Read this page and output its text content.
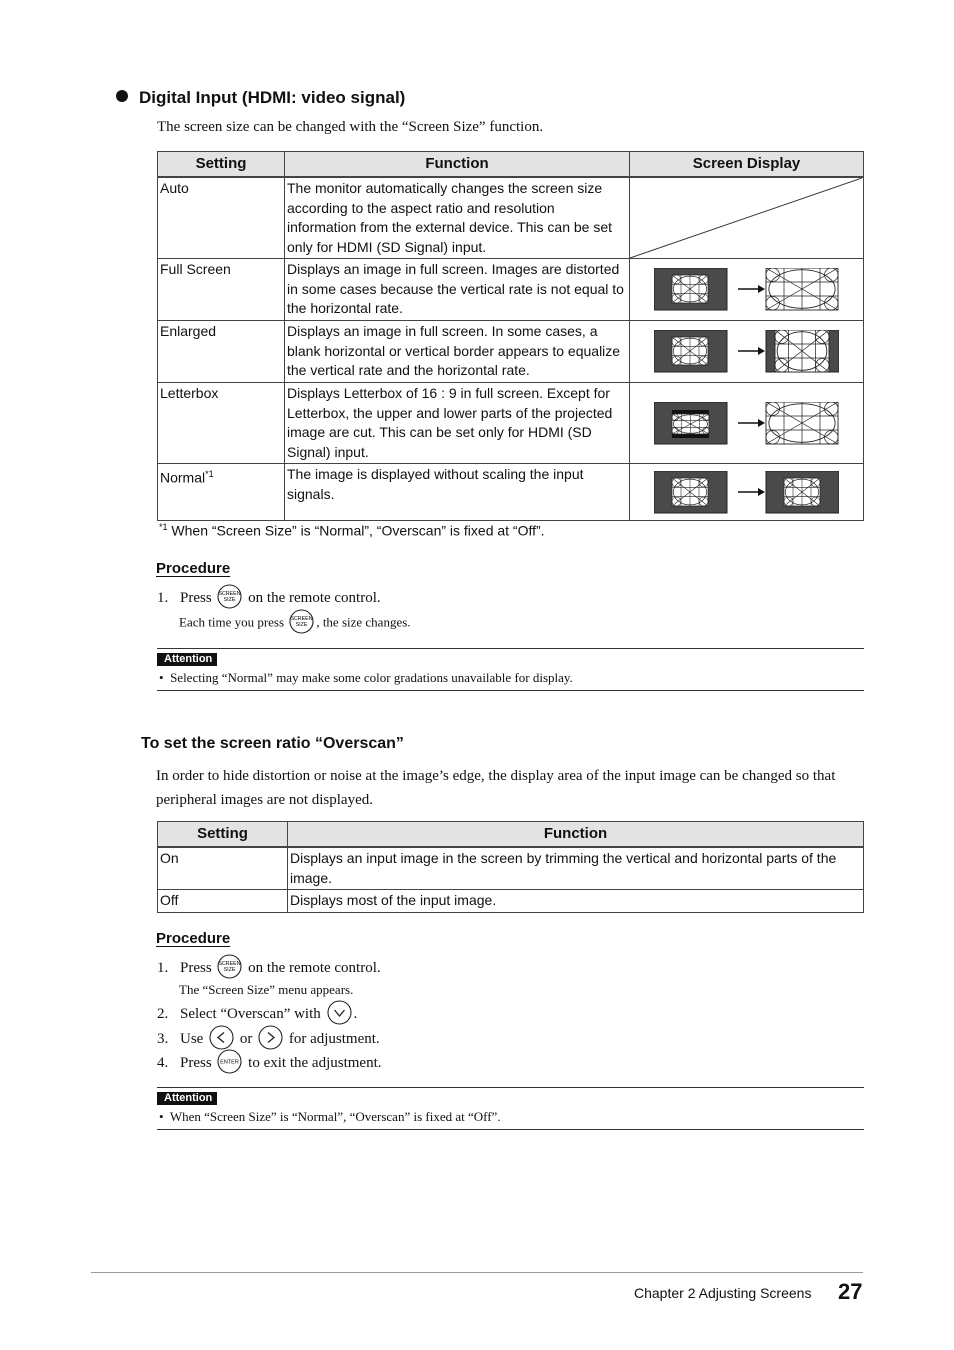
Digital Input (HDMI: video signal)
The screen size can be changed with the “Screen Size” function.
Setting	Function	Screen Display
Auto	The monitor automatically changes the screen size according to the aspect ratio and resolution information from the external device. This can be set only for HDMI (SD Signal) input.	

Full Screen	Displays an image in full screen. Images are distorted in some cases because the vertical rate is not equal to the horizontal rate.	

Enlarged	Displays an image in full screen. In some cases, a blank horizontal or vertical border appears to equalize the vertical rate and the horizontal rate.	

Letterbox	Displays Letterbox of 16 : 9 in full screen. Except for Letterbox, the upper and lower parts of the projected image are cut. This can be set only for HDMI (SD Signal) input.	

Normal$^{*1}$	The image is displayed without scaling the input signals.	
$^{*1}$ When “Screen Size” is “Normal”, “Overscan” is fixed at “Off”.
Procedure
1. Press SCREEN
SIZE on the remote control.
Each time you press SCREEN
SIZE , the size changes.
Attention
•  Selecting “Normal” may make some color gradations unavailable for display.
To set the screen ratio “Overscan”
In order to hide distortion or noise at the image’s edge, the display area of the input image can be changed so that peripheral images are not displayed.
Setting	Function
On	Displays an input image in the screen by trimming the vertical and horizontal parts of the image.
Off	Displays most of the input image.
Procedure
1. Press SCREEN
SIZE on the remote control.
The “Screen Size” menu appears.
2. Select “Overscan” with .
3. Use or for adjustment.
4. Press ENTER to exit the adjustment.
Attention
•  When “Screen Size” is “Normal”, “Overscan” is fixed at “Off”.
Chapter 2 Adjusting Screens 27
